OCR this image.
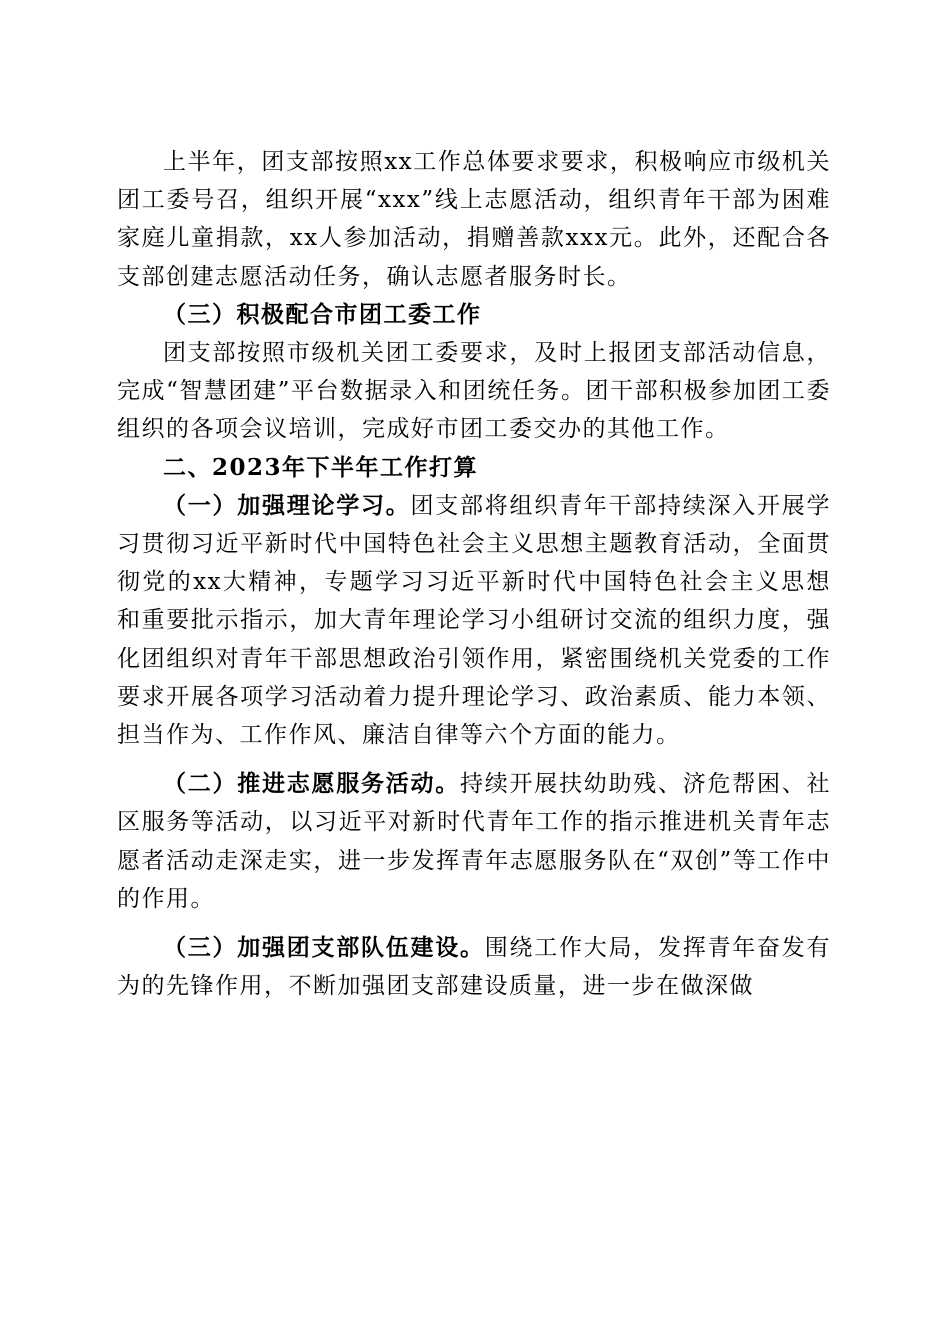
上半年，团支部按照xx工作总体要求要求，积极响应市级机关团工委号召，组织开展“xxx”线上志愿活动，组织青年干部为困难家庭儿童捐款，xx人参加活动，捐赠善款xxx元。此外，还配合各支部创建志愿活动任务，确认志愿者服务时长。

（三）积极配合市团工委工作

团支部按照市级机关团工委要求，及时上报团支部活动信息，完成“智慧团建”平台数据录入和团统任务。团干部积极参加团工委组织的各项会议培训，完成好市团工委交办的其他工作。

二、2023年下半年工作打算

（一）加强理论学习。团支部将组织青年干部持续深入开展学习贯彻习近平新时代中国特色社会主义思想主题教育活动，全面贯彻党的xx大精神，专题学习习近平新时代中国特色社会主义思想和重要批示指示，加大青年理论学习小组研讨交流的组织力度，强化团组织对青年干部思想政治引领作用，紧密围绕机关党委的工作要求开展各项学习活动着力提升理论学习、政治素质、能力本领、担当作为、工作作风、廉洁自律等六个方面的能力。

（二）推进志愿服务活动。持续开展扶幼助残、济危帮困、社区服务等活动，以习近平对新时代青年工作的指示推进机关青年志愿者活动走深走实，进一步发挥青年志愿服务队在“双创”等工作中的作用。

（三）加强团支部队伍建设。围绕工作大局，发挥青年奋发有为的先锋作用，不断加强团支部建设质量，进一步在做深做
